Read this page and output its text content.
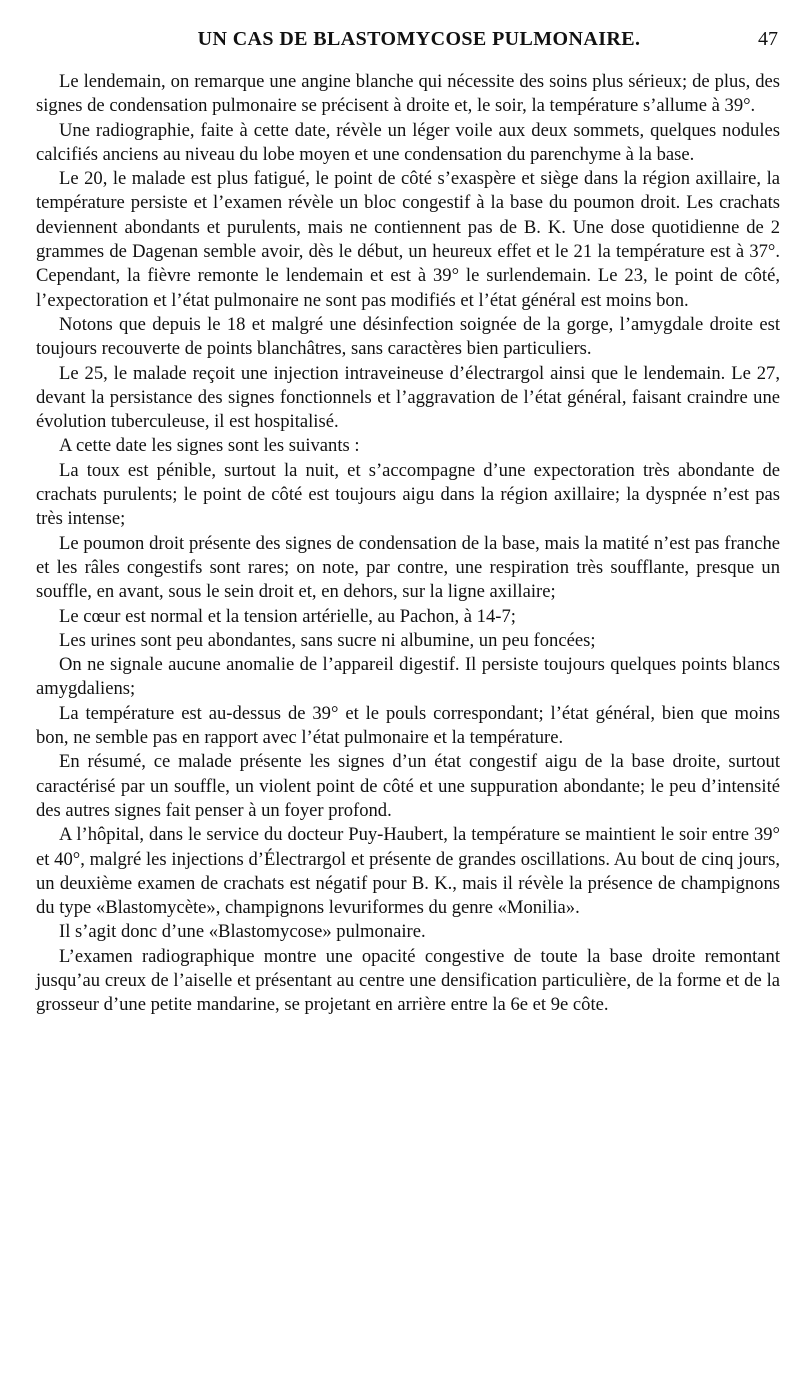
UN CAS DE BLASTOMYCOSE PULMONAIRE.	47

Le lendemain, on remarque une angine blanche qui nécessite des soins plus sérieux; de plus, des signes de condensation pulmonaire se précisent à droite et, le soir, la température s’allume à 39°.

Une radiographie, faite à cette date, révèle un léger voile aux deux sommets, quelques nodules calcifiés anciens au niveau du lobe moyen et une condensation du parenchyme à la base.

Le 20, le malade est plus fatigué, le point de côté s’exaspère et siège dans la région axillaire, la température persiste et l’examen révèle un bloc congestif à la base du poumon droit. Les crachats deviennent abondants et purulents, mais ne contiennent pas de B. K. Une dose quotidienne de 2 grammes de Dagenan semble avoir, dès le début, un heureux effet et le 21 la température est à 37°. Cependant, la fièvre remonte le lendemain et est à 39° le surlendemain. Le 23, le point de côté, l’expectoration et l’état pulmonaire ne sont pas modifiés et l’état général est moins bon.

Notons que depuis le 18 et malgré une désinfection soignée de la gorge, l’amygdale droite est toujours recouverte de points blanchâtres, sans caractères bien particuliers.

Le 25, le malade reçoit une injection intraveineuse d’électrargol ainsi que le lendemain. Le 27, devant la persistance des signes fonctionnels et l’aggravation de l’état général, faisant craindre une évolution tuberculeuse, il est hospitalisé.

A cette date les signes sont les suivants :

La toux est pénible, surtout la nuit, et s’accompagne d’une expectoration très abondante de crachats purulents; le point de côté est toujours aigu dans la région axillaire; la dyspnée n’est pas très intense;

Le poumon droit présente des signes de condensation de la base, mais la matité n’est pas franche et les râles congestifs sont rares; on note, par contre, une respiration très soufflante, presque un souffle, en avant, sous le sein droit et, en dehors, sur la ligne axillaire;

Le cœur est normal et la tension artérielle, au Pachon, à 14-7;

Les urines sont peu abondantes, sans sucre ni albumine, un peu foncées;

On ne signale aucune anomalie de l’appareil digestif. Il persiste toujours quelques points blancs amygdaliens;

La température est au-dessus de 39° et le pouls correspondant; l’état général, bien que moins bon, ne semble pas en rapport avec l’état pulmonaire et la température.

En résumé, ce malade présente les signes d’un état congestif aigu de la base droite, surtout caractérisé par un souffle, un violent point de côté et une suppuration abondante; le peu d’intensité des autres signes fait penser à un foyer profond.

A l’hôpital, dans le service du docteur Puy-Haubert, la température se maintient le soir entre 39° et 40°, malgré les injections d’Électrargol et présente de grandes oscillations. Au bout de cinq jours, un deuxième examen de crachats est négatif pour B. K., mais il révèle la présence de champignons du type «Blastomycète», champignons levuriformes du genre «Monilia».

Il s’agit donc d’une «Blastomycose» pulmonaire.

L’examen radiographique montre une opacité congestive de toute la base droite remontant jusqu’au creux de l’aiselle et présentant au centre une densification particulière, de la forme et de la grosseur d’une petite mandarine, se projetant en arrière entre la 6e et 9e côte.
